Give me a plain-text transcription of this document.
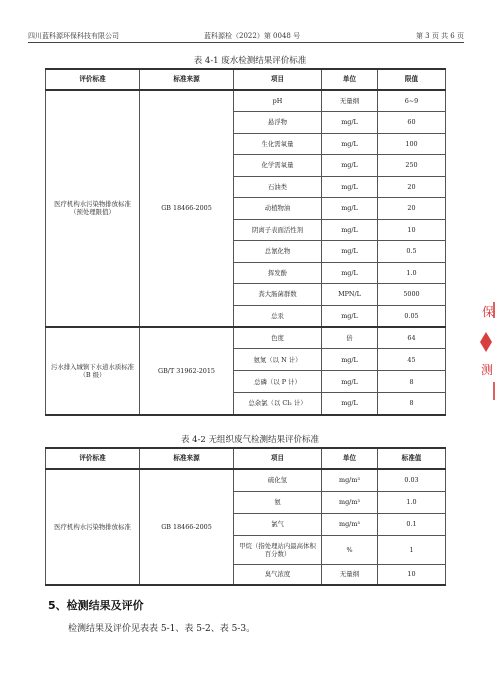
四川蓝科源环保科技有限公司	蓝科源检（2022）第 0048 号	第 3 页 共 6 页
表 4-1 废水检测结果评价标准
评价标准	标准来源	项目	单位	限值

医疗机构水污染物排放标准
（预处理限值）	GB 18466-2005	pH	无量纲	6~9
		悬浮物	mg/L	60
		生化需氧量	mg/L	100
		化学需氧量	mg/L	250
		石油类	mg/L	20
		动植物油	mg/L	20
		阴离子表面活性剂	mg/L	10
		总氰化物	mg/L	0.5
		挥发酚	mg/L	1.0
		粪大肠菌群数	MPN/L	5000
		总汞	mg/L	0.05

污水排入城镇下水道水质标准
（B 级）	GB/T 31962-2015	色度	倍	64
		氨氮（以 N 计）	mg/L	45
		总磷（以 P 计）	mg/L	8
		总余氯（以 Cl₂ 计）	mg/L	8
表 4-2 无组织废气检测结果评价标准
评价标准	标准来源	项目	单位	标准值
医疗机构水污染物排放标准	GB 18466-2005	硫化氢	mg/m³	0.03
		氨	mg/m³	1.0
		氯气	mg/m³	0.1
		甲烷（指处理站内最高体积百分数）	%	1
		臭气浓度	无量纲	10
5、检测结果及评价
检测结果及评价见表表 5-1、表 5-2、表 5-3。
保
测
